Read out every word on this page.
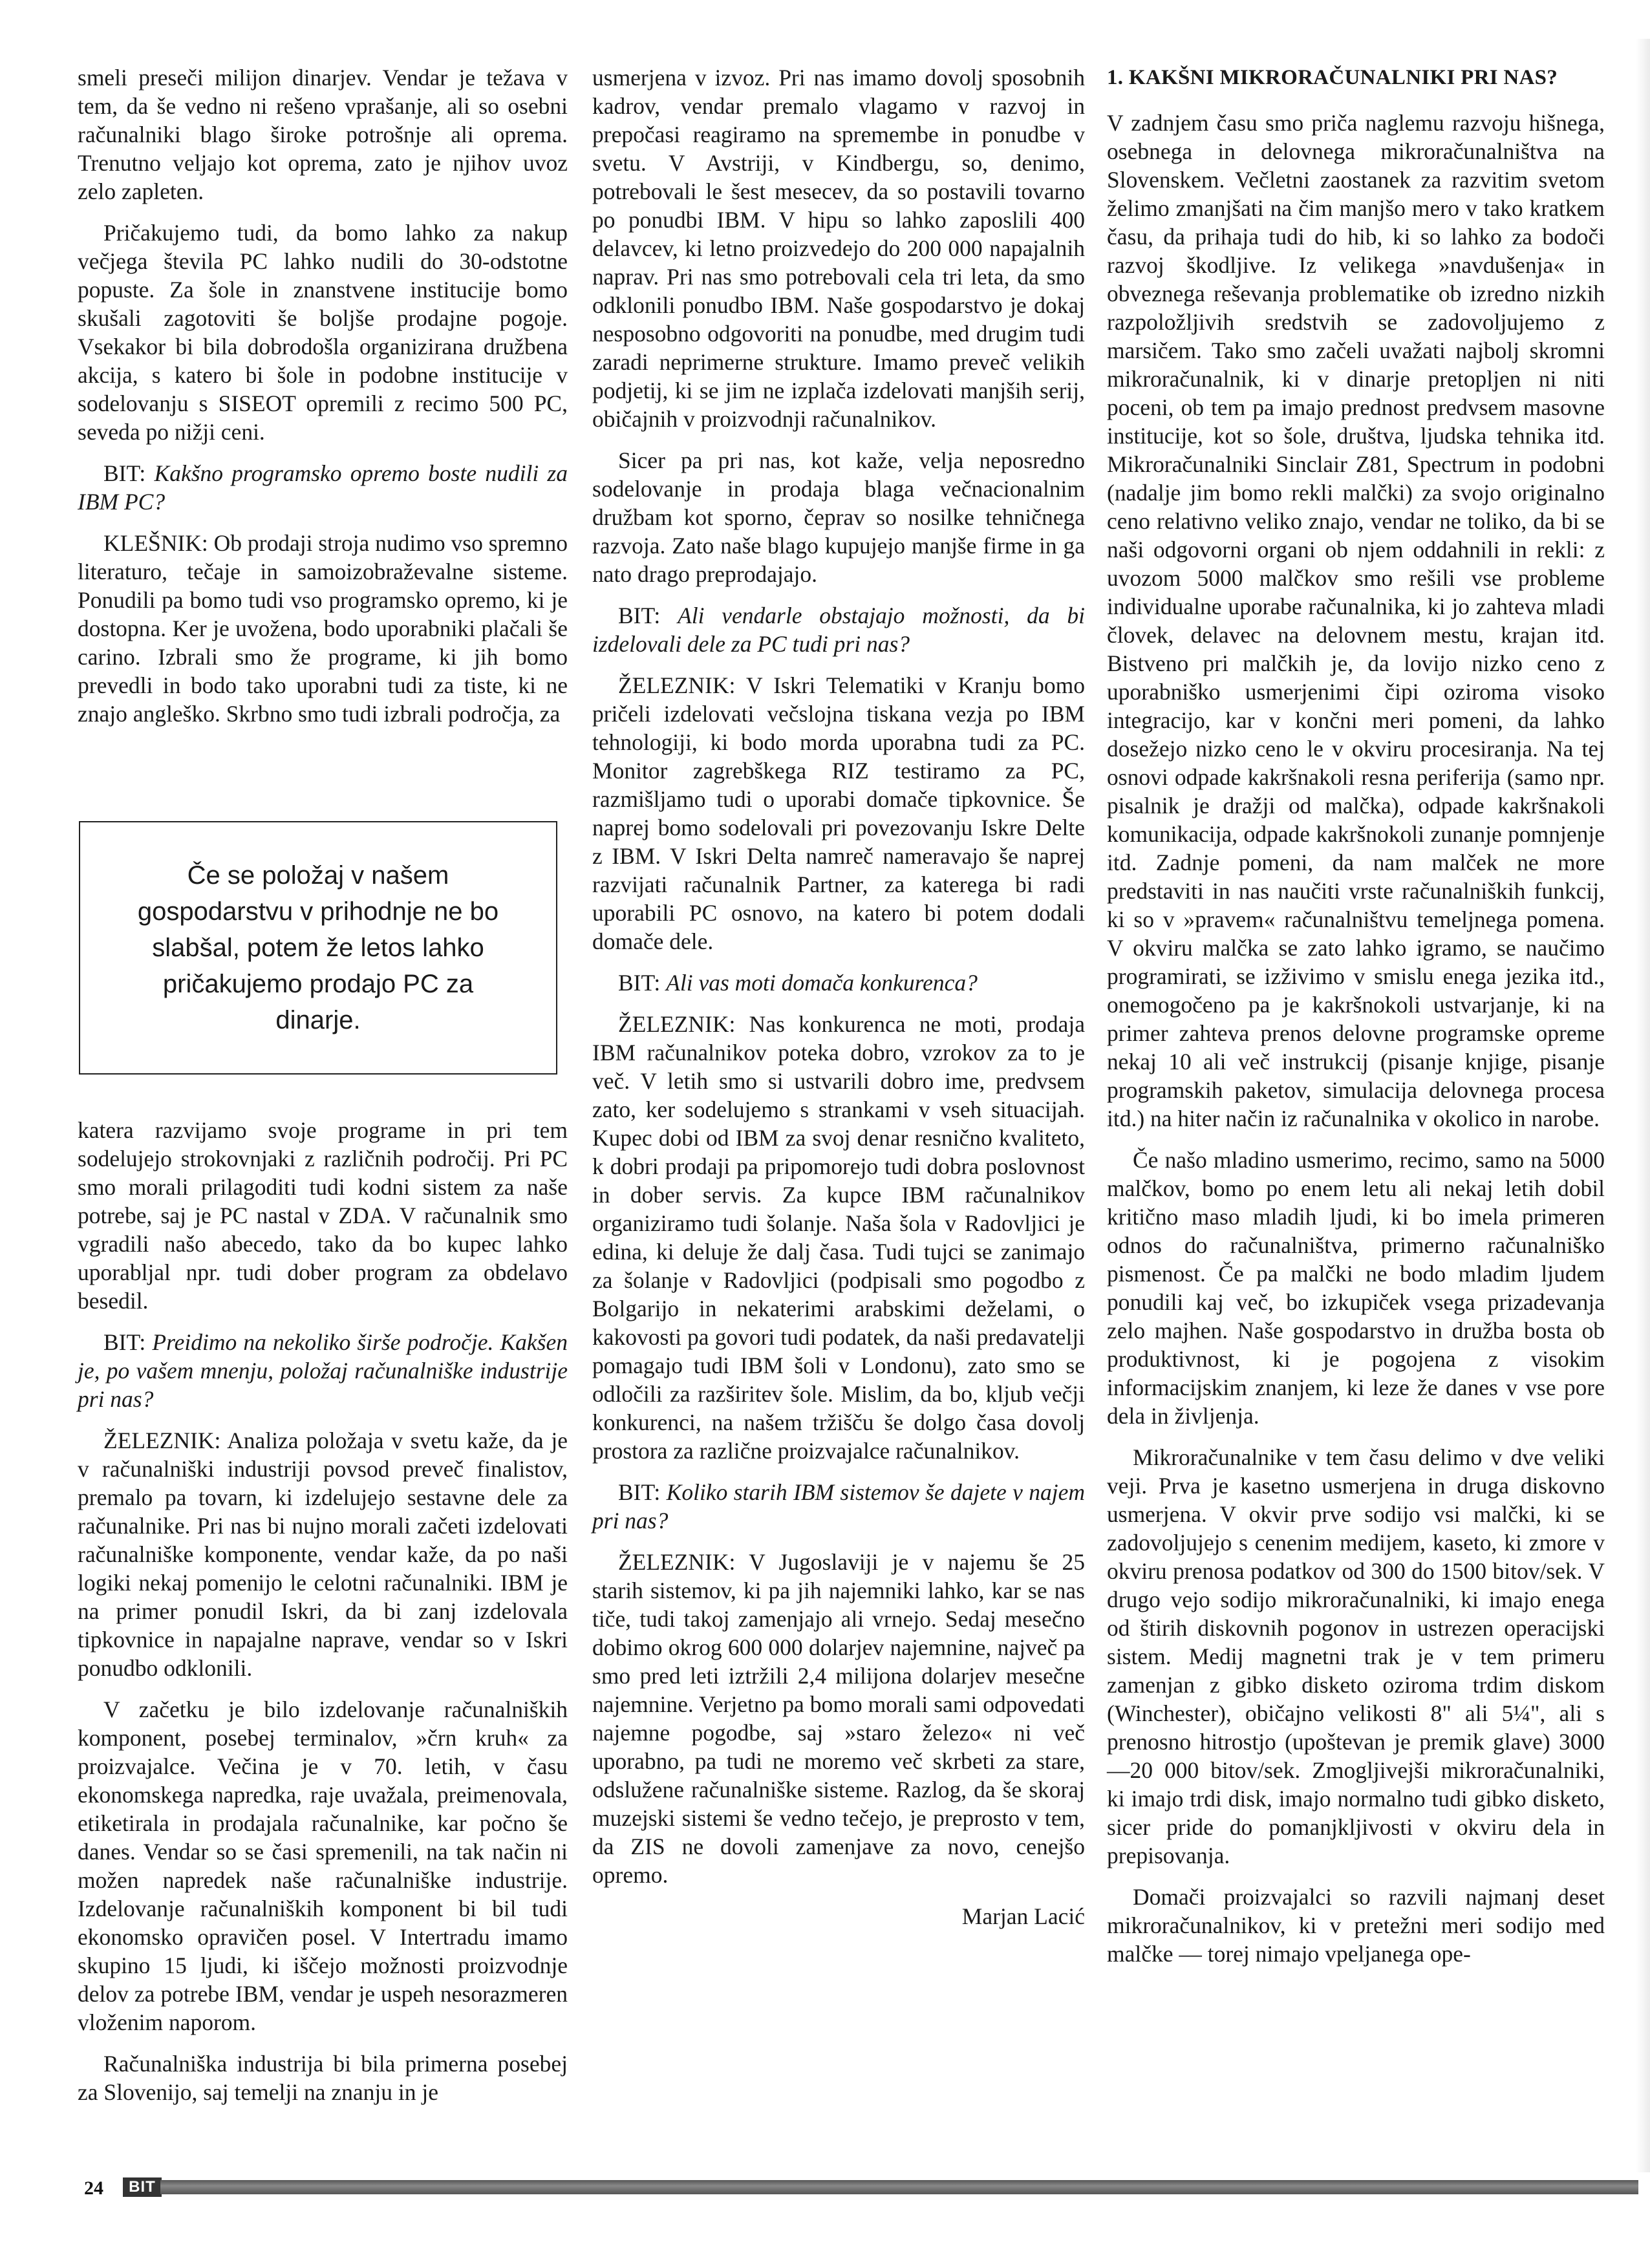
smeli preseči milijon dinarjev. Vendar je težava v tem, da še vedno ni rešeno vprašanje, ali so osebni računalniki blago široke potrošnje ali oprema. Trenutno veljajo kot oprema, zato je njihov uvoz zelo zapleten.

Pričakujemo tudi, da bomo lahko za nakup večjega števila PC lahko nudili do 30-odstotne popuste. Za šole in znanstvene institucije bomo skušali zagotoviti še boljše prodajne pogoje. Vsekakor bi bila dobrodošla organizirana družbena akcija, s katero bi šole in podobne institucije v sodelovanju s SISEOT opremili z recimo 500 PC, seveda po nižji ceni.

BIT: Kakšno programsko opremo boste nudili za IBM PC?

KLEŠNIK: Ob prodaji stroja nudimo vso spremno literaturo, tečaje in samoizobraževalne sisteme. Ponudili pa bomo tudi vso programsko opremo, ki je dostopna. Ker je uvožena, bodo uporabniki plačali še carino. Izbrali smo že programe, ki jih bomo prevedli in bodo tako uporabni tudi za tiste, ki ne znajo angleško. Skrbno smo tudi izbrali področja, za

Če se položaj v našem gospodarstvu v prihodnje ne bo slabšal, potem že letos lahko pričakujemo prodajo PC za dinarje.

katera razvijamo svoje programe in pri tem sodelujejo strokovnjaki z različnih področij. Pri PC smo morali prilagoditi tudi kodni sistem za naše potrebe, saj je PC nastal v ZDA. V računalnik smo vgradili našo abecedo, tako da bo kupec lahko uporabljal npr. tudi dober program za obdelavo besedil.

BIT: Preidimo na nekoliko širše področje. Kakšen je, po vašem mnenju, položaj računalniške industrije pri nas?

ŽELEZNIK: Analiza položaja v svetu kaže, da je v računalniški industriji povsod preveč finalistov, premalo pa tovarn, ki izdelujejo sestavne dele za računalnike. Pri nas bi nujno morali začeti izdelovati računalniške komponente, vendar kaže, da po naši logiki nekaj pomenijo le celotni računalniki. IBM je na primer ponudil Iskri, da bi zanj izdelovala tipkovnice in napajalne naprave, vendar so v Iskri ponudbo odklonili.

V začetku je bilo izdelovanje računalniških komponent, posebej terminalov, »črn kruh« za proizvajalce. Večina je v 70. letih, v času ekonomskega napredka, raje uvažala, preimenovala, etiketirala in prodajala računalnike, kar počno še danes. Vendar so se časi spremenili, na tak način ni možen napredek naše računalniške industrije. Izdelovanje računalniških komponent bi bil tudi ekonomsko opravičen posel. V Intertradu imamo skupino 15 ljudi, ki iščejo možnosti proizvodnje delov za potrebe IBM, vendar je uspeh nesorazmeren vloženim naporom.

Računalniška industrija bi bila primerna posebej za Slovenijo, saj temelji na znanju in je

usmerjena v izvoz. Pri nas imamo dovolj sposobnih kadrov, vendar premalo vlagamo v razvoj in prepočasi reagiramo na spremembe in ponudbe v svetu. V Avstriji, v Kindbergu, so, denimo, potrebovali le šest mesecev, da so postavili tovarno po ponudbi IBM. V hipu so lahko zaposlili 400 delavcev, ki letno proizvedejo do 200 000 napajalnih naprav. Pri nas smo potrebovali cela tri leta, da smo odklonili ponudbo IBM. Naše gospodarstvo je dokaj nesposobno odgovoriti na ponudbe, med drugim tudi zaradi neprimerne strukture. Imamo preveč velikih podjetij, ki se jim ne izplača izdelovati manjših serij, običajnih v proizvodnji računalnikov.

Sicer pa pri nas, kot kaže, velja neposredno sodelovanje in prodaja blaga večnacionalnim družbam kot sporno, čeprav so nosilke tehničnega razvoja. Zato naše blago kupujejo manjše firme in ga nato drago preprodajajo.

BIT: Ali vendarle obstajajo možnosti, da bi izdelovali dele za PC tudi pri nas?

ŽELEZNIK: V Iskri Telematiki v Kranju bomo pričeli izdelovati večslojna tiskana vezja po IBM tehnologiji, ki bodo morda uporabna tudi za PC. Monitor zagrebškega RIZ testiramo za PC, razmišljamo tudi o uporabi domače tipkovnice. Še naprej bomo sodelovali pri povezovanju Iskre Delte z IBM. V Iskri Delta namreč nameravajo še naprej razvijati računalnik Partner, za katerega bi radi uporabili PC osnovo, na katero bi potem dodali domače dele.

BIT: Ali vas moti domača konkurenca?

ŽELEZNIK: Nas konkurenca ne moti, prodaja IBM računalnikov poteka dobro, vzrokov za to je več. V letih smo si ustvarili dobro ime, predvsem zato, ker sodelujemo s strankami v vseh situacijah. Kupec dobi od IBM za svoj denar resnično kvaliteto, k dobri prodaji pa pripomorejo tudi dobra poslovnost in dober servis. Za kupce IBM računalnikov organiziramo tudi šolanje. Naša šola v Radovljici je edina, ki deluje že dalj časa. Tudi tujci se zanimajo za šolanje v Radovljici (podpisali smo pogodbo z Bolgarijo in nekaterimi arabskimi deželami, o kakovosti pa govori tudi podatek, da naši predavatelji pomagajo tudi IBM šoli v Londonu), zato smo se odločili za razširitev šole. Mislim, da bo, kljub večji konkurenci, na našem tržišču še dolgo časa dovolj prostora za različne proizvajalce računalnikov.

BIT: Koliko starih IBM sistemov še dajete v najem pri nas?

ŽELEZNIK: V Jugoslaviji je v najemu še 25 starih sistemov, ki pa jih najemniki lahko, kar se nas tiče, tudi takoj zamenjajo ali vrnejo. Sedaj mesečno dobimo okrog 600 000 dolarjev najemnine, največ pa smo pred leti iztržili 2,4 milijona dolarjev mesečne najemnine. Verjetno pa bomo morali sami odpovedati najemne pogodbe, saj »staro železo« ni več uporabno, pa tudi ne moremo več skrbeti za stare, odslužene računalniške sisteme. Razlog, da še skoraj muzejski sistemi še vedno tečejo, je preprosto v tem, da ZIS ne dovoli zamenjave za novo, cenejšo opremo.

Marjan Lacić

1. KAKŠNI MIKRORAČUNALNIKI PRI NAS?

V zadnjem času smo priča naglemu razvoju hišnega, osebnega in delovnega mikroračunalništva na Slovenskem. Večletni zaostanek za razvitim svetom želimo zmanjšati na čim manjšo mero v tako kratkem času, da prihaja tudi do hib, ki so lahko za bodoči razvoj škodljive. Iz velikega »navdušenja« in obveznega reševanja problematike ob izredno nizkih razpoložljivih sredstvih se zadovoljujemo z marsičem. Tako smo začeli uvažati najbolj skromni mikroračunalnik, ki v dinarje pretopljen ni niti poceni, ob tem pa imajo prednost predvsem masovne institucije, kot so šole, društva, ljudska tehnika itd. Mikroračunalniki Sinclair Z81, Spectrum in podobni (nadalje jim bomo rekli malčki) za svojo originalno ceno relativno veliko znajo, vendar ne toliko, da bi se naši odgovorni organi ob njem oddahnili in rekli: z uvozom 5000 malčkov smo rešili vse probleme individualne uporabe računalnika, ki jo zahteva mladi človek, delavec na delovnem mestu, krajan itd. Bistveno pri malčkih je, da lovijo nizko ceno z uporabniško usmerjenimi čipi oziroma visoko integracijo, kar v končni meri pomeni, da lahko dosežejo nizko ceno le v okviru procesiranja. Na tej osnovi odpade kakršnakoli resna periferija (samo npr. pisalnik je dražji od malčka), odpade kakršnakoli komunikacija, odpade kakršnokoli zunanje pomnjenje itd. Zadnje pomeni, da nam malček ne more predstaviti in nas naučiti vrste računalniških funkcij, ki so v »pravem« računalništvu temeljnega pomena. V okviru malčka se zato lahko igramo, se naučimo programirati, se izživimo v smislu enega jezika itd., onemogočeno pa je kakršnokoli ustvarjanje, ki na primer zahteva prenos delovne programske opreme nekaj 10 ali več instrukcij (pisanje knjige, pisanje programskih paketov, simulacija delovnega procesa itd.) na hiter način iz računalnika v okolico in narobe.

Če našo mladino usmerimo, recimo, samo na 5000 malčkov, bomo po enem letu ali nekaj letih dobil kritično maso mladih ljudi, ki bo imela primeren odnos do računalništva, primerno računalniško pismenost. Če pa malčki ne bodo mladim ljudem ponudili kaj več, bo izkupiček vsega prizadevanja zelo majhen. Naše gospodarstvo in družba bosta ob produktivnost, ki je pogojena z visokim informacijskim znanjem, ki leze že danes v vse pore dela in življenja.

Mikroračunalnike v tem času delimo v dve veliki veji. Prva je kasetno usmerjena in druga diskovno usmerjena. V okvir prve sodijo vsi malčki, ki se zadovoljujejo s cenenim medijem, kaseto, ki zmore v okviru prenosa podatkov od 300 do 1500 bitov/sek. V drugo vejo sodijo mikroračunalniki, ki imajo enega od štirih diskovnih pogonov in ustrezen operacijski sistem. Medij magnetni trak je v tem primeru zamenjan z gibko disketo oziroma trdim diskom (Winchester), običajno velikosti 8" ali 5¼", ali s prenosno hitrostjo (upoštevan je premik glave) 3000—20 000 bitov/sek. Zmogljivejši mikroračunalniki, ki imajo trdi disk, imajo normalno tudi gibko disketo, sicer pride do pomanjkljivosti v okviru dela in prepisovanja.

Domači proizvajalci so razvili najmanj deset mikroračunalnikov, ki v pretežni meri sodijo med malčke — torej nimajo vpeljanega ope-

24	BIT
